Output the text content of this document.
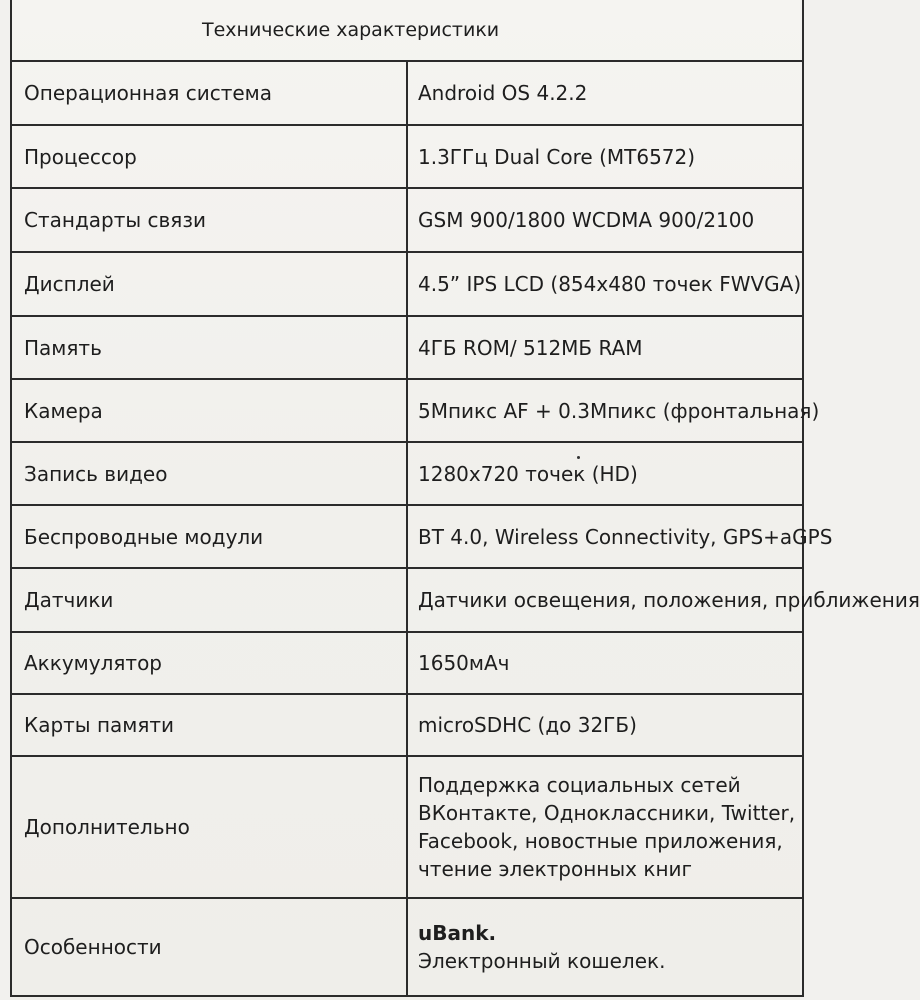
Технические характеристики	
Операционная система	Android OS 4.2.2
Процессор	1.3ГГц Dual Core (MT6572)
Стандарты связи	GSM 900/1800 WCDMA 900/2100
Дисплей	4.5” IPS LCD (854x480 точек FWVGA)
Память	4ГБ ROM/ 512МБ RAM
Камера	5Мпикс AF + 0.3Мпикс (фронтальная)
Запись видео	1280x720 точек (HD)
Беспроводные модули	BT 4.0, Wireless Connectivity, GPS+aGPS
Датчики	Датчики освещения, положения, приближения
Аккумулятор	1650мАч
Карты памяти	microSDHC (до 32ГБ)
Дополнительно	Поддержка социальных сетей
ВКонтакте, Одноклассники, Twitter,
Facebook, новостные приложения,
чтение электронных книг

Особенности	uBank.
Электронный кошелек.
